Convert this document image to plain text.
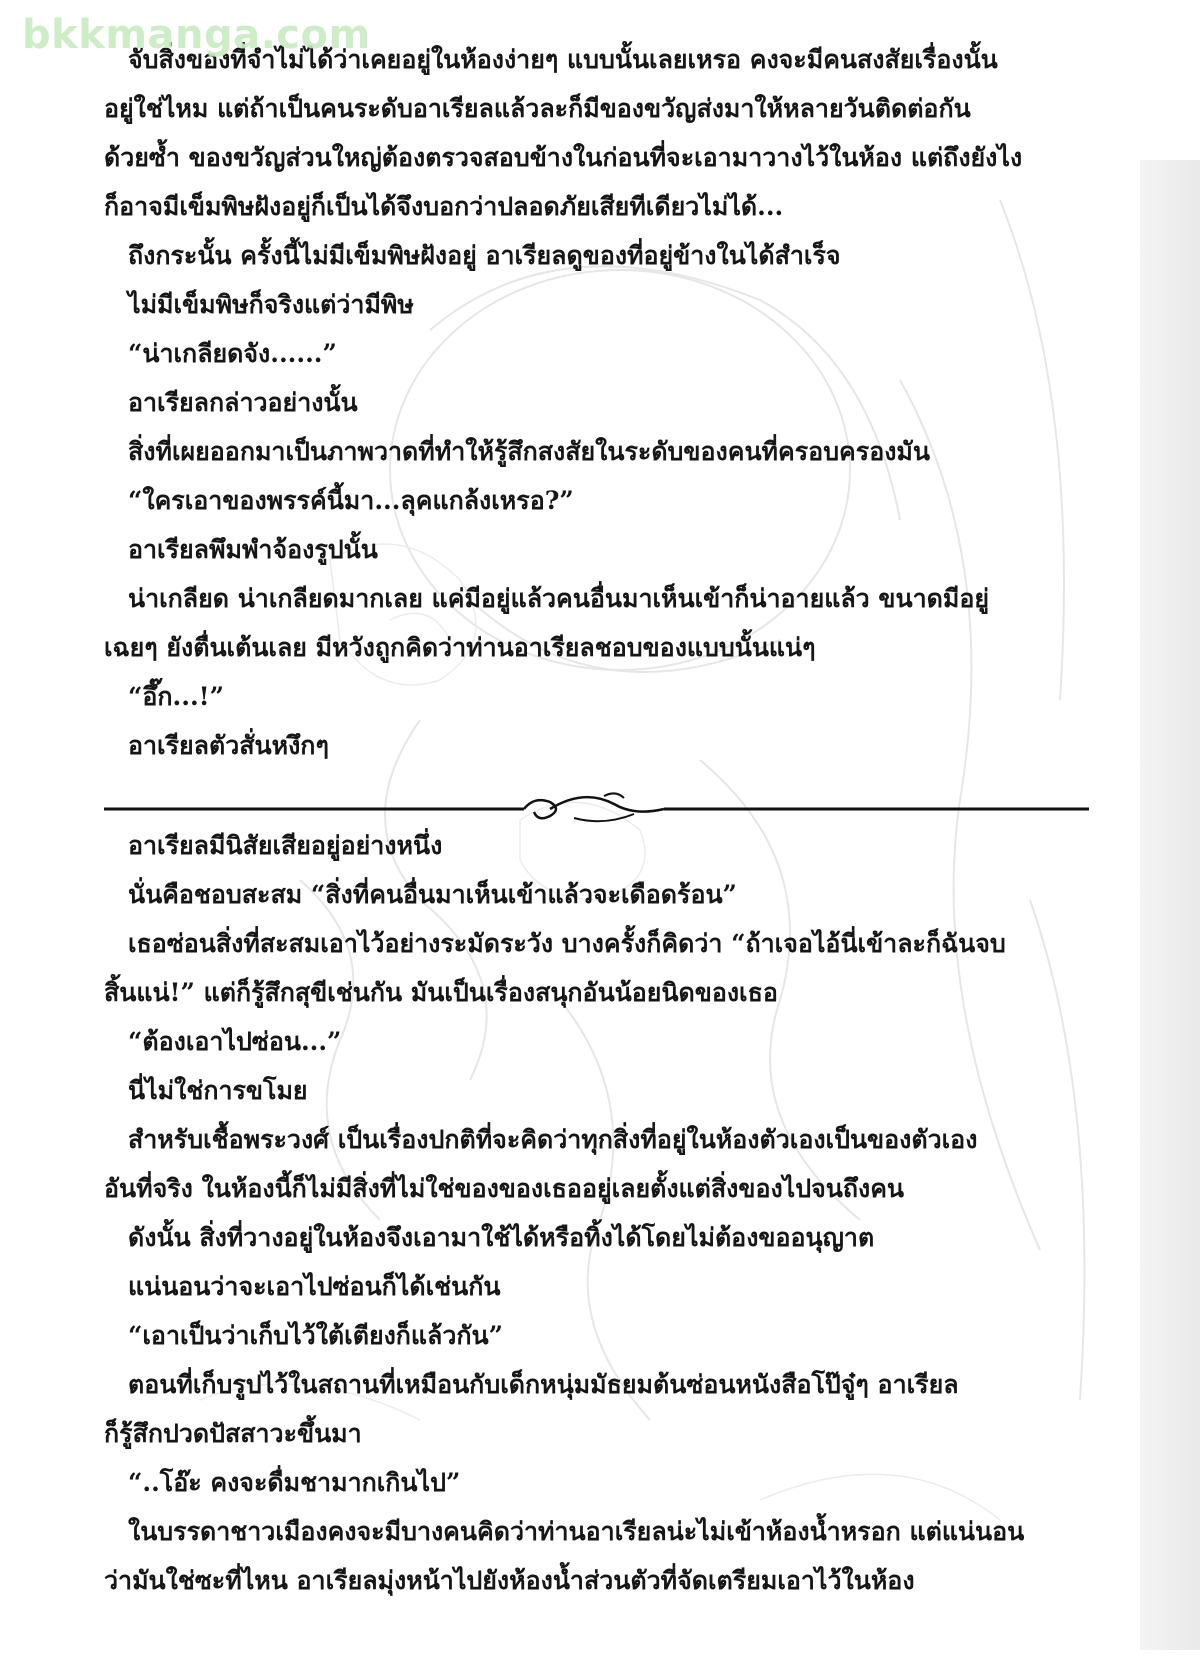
bkkmanga.com

จับสิ่งของที่จำไม่ได้ว่าเคยอยู่ในห้องง่ายๆ แบบนั้นเลยเหรอ คงจะมีคนสงสัยเรื่องนั้น

อยู่ใช่ไหม แต่ถ้าเป็นคนระดับอาเรียลแล้วละก็มีของขวัญส่งมาให้หลายวันติดต่อกัน

ด้วยซ้ำ ของขวัญส่วนใหญ่ต้องตรวจสอบข้างในก่อนที่จะเอามาวางไว้ในห้อง แต่ถึงยังไง

ก็อาจมีเข็มพิษฝังอยู่ก็เป็นได้จึงบอกว่าปลอดภัยเสียทีเดียวไม่ได้...

ถึงกระนั้น ครั้งนี้ไม่มีเข็มพิษฝังอยู่ อาเรียลดูของที่อยู่ข้างในได้สำเร็จ

ไม่มีเข็มพิษก็จริงแต่ว่ามีพิษ

“น่าเกลียดจัง......”

อาเรียลกล่าวอย่างนั้น

สิ่งที่เผยออกมาเป็นภาพวาดที่ทำให้รู้สึกสงสัยในระดับของคนที่ครอบครองมัน

“ใครเอาของพรรค์นี้มา...ลุคแกล้งเหรอ?”

อาเรียลพึมพำจ้องรูปนั้น

น่าเกลียด น่าเกลียดมากเลย แค่มีอยู่แล้วคนอื่นมาเห็นเข้าก็น่าอายแล้ว ขนาดมีอยู่

เฉยๆ ยังตื่นเต้นเลย มีหวังถูกคิดว่าท่านอาเรียลชอบของแบบนั้นแน่ๆ

“อึ๊ก...!”

อาเรียลตัวสั่นหงึกๆ

อาเรียลมีนิสัยเสียอยู่อย่างหนึ่ง

นั่นคือชอบสะสม “สิ่งที่คนอื่นมาเห็นเข้าแล้วจะเดือดร้อน”

เธอซ่อนสิ่งที่สะสมเอาไว้อย่างระมัดระวัง บางครั้งก็คิดว่า “ถ้าเจอไอ้นี่เข้าละก็ฉันจบ

สิ้นแน่!” แต่ก็รู้สึกสุขีเช่นกัน มันเป็นเรื่องสนุกอันน้อยนิดของเธอ

“ต้องเอาไปซ่อน...”

นี่ไม่ใช่การขโมย

สำหรับเชื้อพระวงศ์ เป็นเรื่องปกติที่จะคิดว่าทุกสิ่งที่อยู่ในห้องตัวเองเป็นของตัวเอง

อันที่จริง ในห้องนี้ก็ไม่มีสิ่งที่ไม่ใช่ของของเธออยู่เลยตั้งแต่สิ่งของไปจนถึงคน

ดังนั้น สิ่งที่วางอยู่ในห้องจึงเอามาใช้ได้หรือทิ้งได้โดยไม่ต้องขออนุญาต

แน่นอนว่าจะเอาไปซ่อนก็ได้เช่นกัน

“เอาเป็นว่าเก็บไว้ใต้เตียงก็แล้วกัน”

ตอนที่เก็บรูปไว้ในสถานที่เหมือนกับเด็กหนุ่มมัธยมต้นซ่อนหนังสือโป๊จู๋ๆ อาเรียล

ก็รู้สึกปวดปัสสาวะขึ้นมา

“..โอ๊ะ คงจะดื่มชามากเกินไป”

ในบรรดาชาวเมืองคงจะมีบางคนคิดว่าท่านอาเรียลน่ะไม่เข้าห้องน้ำหรอก แต่แน่นอน

ว่ามันใช่ซะที่ไหน อาเรียลมุ่งหน้าไปยังห้องน้ำส่วนตัวที่จัดเตรียมเอาไว้ในห้อง
